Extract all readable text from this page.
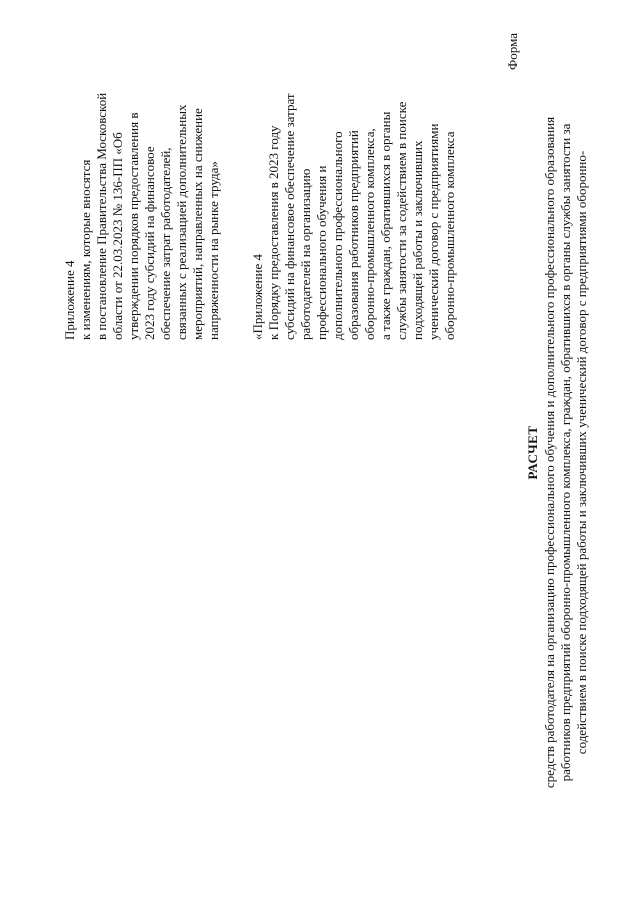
Приложение 4 к изменениям, которые вносятся в постановление Правительства Московской области от 22.03.2023 № 136-ПП «Об утверждении порядков предоставления в 2023 году субсидий на финансовое обеспечение затрат работодателей, связанных с реализацией дополнительных мероприятий, направленных на снижение напряженности на рынке труда» «Приложение 4 к Порядку предоставления в 2023 году субсидий на финансовое обеспечение затрат работодателей на организацию профессионального обучения и дополнительного профессионального образования работников предприятий оборонно-промышленного комплекса, а также граждан, обратившихся в органы службы занятости за содействием в поиске подходящей работы и заключивших ученический договор с предприятиями оборонно-промышленного комплекса
Форма
РАСЧЕТ средств работодателя на организацию профессионального обучения и дополнительного профессионального образования работников предприятий оборонно-промышленного комплекса, граждан, обратившихся в органы службы занятости за содействием в поиске подходящей работы и заключивших ученический договор с предприятиями оборонно-
